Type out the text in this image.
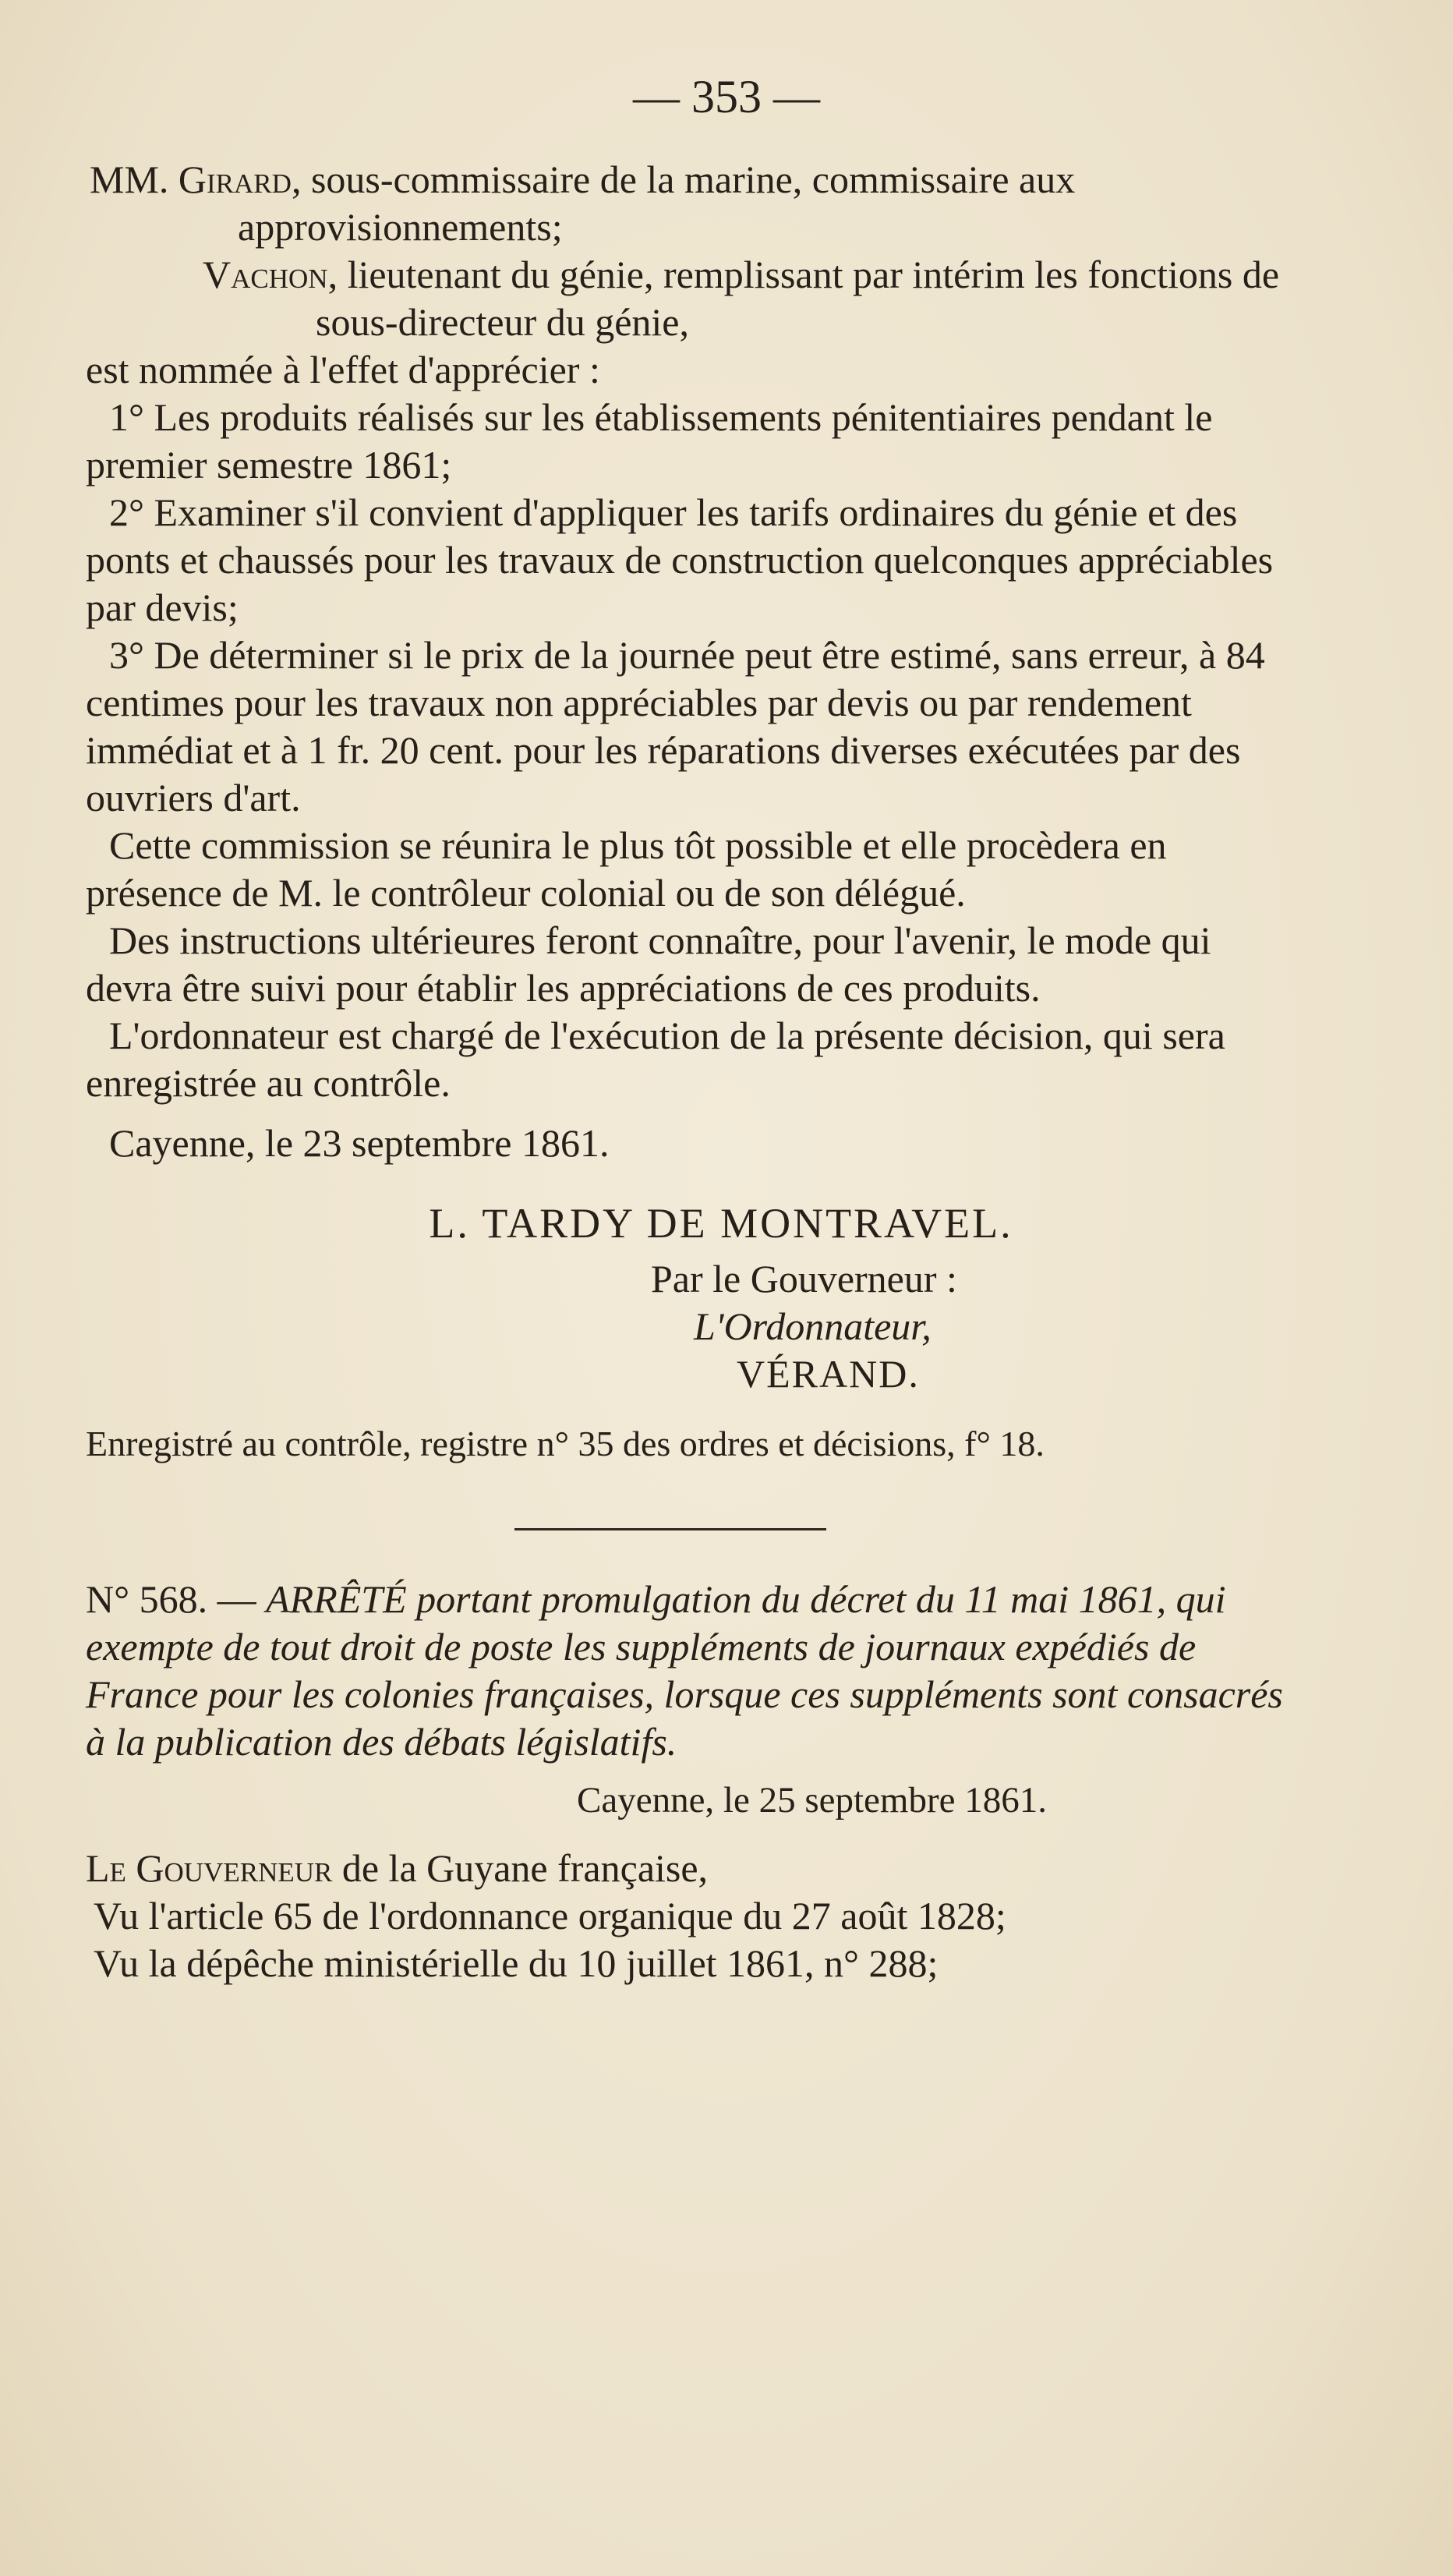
— 353 —

MM. Girard, sous-commissaire de la marine, commissaire aux approvisionnements;

Vachon, lieutenant du génie, remplissant par intérim les fonctions de sous-directeur du génie,

est nommée à l'effet d'apprécier :

1° Les produits réalisés sur les établissements pénitentiaires pendant le premier semestre 1861;

2° Examiner s'il convient d'appliquer les tarifs ordinaires du génie et des ponts et chaussés pour les travaux de construction quelconques appréciables par devis;

3° De déterminer si le prix de la journée peut être estimé, sans erreur, à 84 centimes pour les travaux non appréciables par devis ou par rendement immédiat et à 1 fr. 20 cent. pour les réparations diverses exécutées par des ouvriers d'art.

Cette commission se réunira le plus tôt possible et elle procèdera en présence de M. le contrôleur colonial ou de son délégué.

Des instructions ultérieures feront connaître, pour l'avenir, le mode qui devra être suivi pour établir les appréciations de ces produits.

L'ordonnateur est chargé de l'exécution de la présente décision, qui sera enregistrée au contrôle.

Cayenne, le 23 septembre 1861.

L. TARDY DE MONTRAVEL.

Par le Gouverneur :

L'Ordonnateur,

VÉRAND.

Enregistré au contrôle, registre n° 35 des ordres et décisions, f° 18.

N° 568. — ARRÊTÉ portant promulgation du décret du 11 mai 1861, qui exempte de tout droit de poste les suppléments de journaux expédiés de France pour les colonies françaises, lorsque ces suppléments sont consacrés à la publication des débats législatifs.

Cayenne, le 25 septembre 1861.

Le Gouverneur de la Guyane française,

Vu l'article 65 de l'ordonnance organique du 27 août 1828;

Vu la dépêche ministérielle du 10 juillet 1861, n° 288;
